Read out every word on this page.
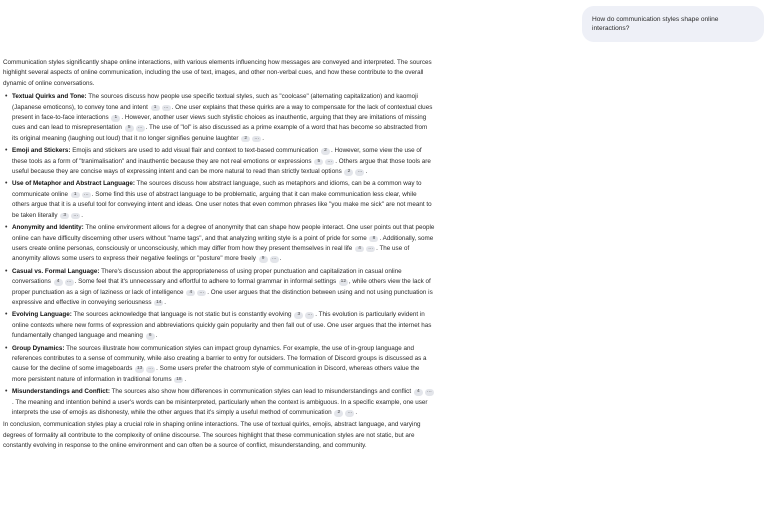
How do communication styles shape online interactions?

Communication styles significantly shape online interactions, with various elements influencing how messages are conveyed and interpreted. The sources highlight several aspects of online communication, including the use of text, images, and other non-verbal cues, and how these contribute to the overall dynamic of online conversations.

• Textual Quirks and Tone: The sources discuss how people use specific textual styles, such as "coolcase" (alternating capitalization) and kaomoji (Japanese emoticons), to convey tone and intent 1 … . One user explains that these quirks are a way to compensate for the lack of contextual clues present in face-to-face interactions 1 . However, another user views such stylistic choices as inauthentic, arguing that they are imitations of missing cues and can lead to misrepresentation 5 … . The use of "lol" is also discussed as a prime example of a word that has become so abstracted from its original meaning (laughing out loud) that it no longer signifies genuine laughter 2 … .
• Emoji and Stickers: Emojis and stickers are used to add visual flair and context to text-based communication 2 . However, some view the use of these tools as a form of "tranimalisation" and inauthentic because they are not real emotions or expressions 5 … . Others argue that those tools are useful because they are concise ways of expressing intent and can be more natural to read than strictly textual options 2 … .
• Use of Metaphor and Abstract Language: The sources discuss how abstract language, such as metaphors and idioms, can be a common way to communicate online 1 … . Some find this use of abstract language to be problematic, arguing that it can make communication less clear, while others argue that it is a useful tool for conveying intent and ideas. One user notes that even common phrases like "you make me sick" are not meant to be taken literally 3 … .
• Anonymity and Identity: The online environment allows for a degree of anonymity that can shape how people interact. One user points out that people online can have difficulty discerning other users without "name tags", and that analyzing writing style is a point of pride for some 8 . Additionally, some users create online personas, consciously or unconsciously, which may differ from how they present themselves in real life 4 … . The use of anonymity allows some users to express their negative feelings or "posture" more freely 9 … .
• Casual vs. Formal Language: There's discussion about the appropriateness of using proper punctuation and capitalization in casual online conversations 4 … . Some feel that it's unnecessary and effortful to adhere to formal grammar in informal settings 12 , while others view the lack of proper punctuation as a sign of laziness or lack of intelligence 4 … . One user argues that the distinction between using and not using punctuation is expressive and effective in conveying seriousness 14 .
• Evolving Language: The sources acknowledge that language is not static but is constantly evolving 3 … . This evolution is particularly evident in online contexts where new forms of expression and abbreviations quickly gain popularity and then fall out of use. One user argues that the internet has fundamentally changed language and meaning 6 .
• Group Dynamics: The sources illustrate how communication styles can impact group dynamics. For example, the use of in-group language and references contributes to a sense of community, while also creating a barrier to entry for outsiders. The formation of Discord groups is discussed as a cause for the decline of some imageboards 13 … . Some users prefer the chatroom style of communication in Discord, whereas others value the more persistent nature of information in traditional forums 18 .
• Misunderstandings and Conflict: The sources also show how differences in communication styles can lead to misunderstandings and conflict 4 …. The meaning and intention behind a user's words can be misinterpreted, particularly when the context is ambiguous. In a specific example, one user interprets the use of emojis as dishonesty, while the other argues that it's simply a useful method of communication 2 … .

In conclusion, communication styles play a crucial role in shaping online interactions. The use of textual quirks, emojis, abstract language, and varying degrees of formality all contribute to the complexity of online discourse. The sources highlight that these communication styles are not static, but are constantly evolving in response to the online environment and can often be a source of conflict, misunderstanding, and community.
